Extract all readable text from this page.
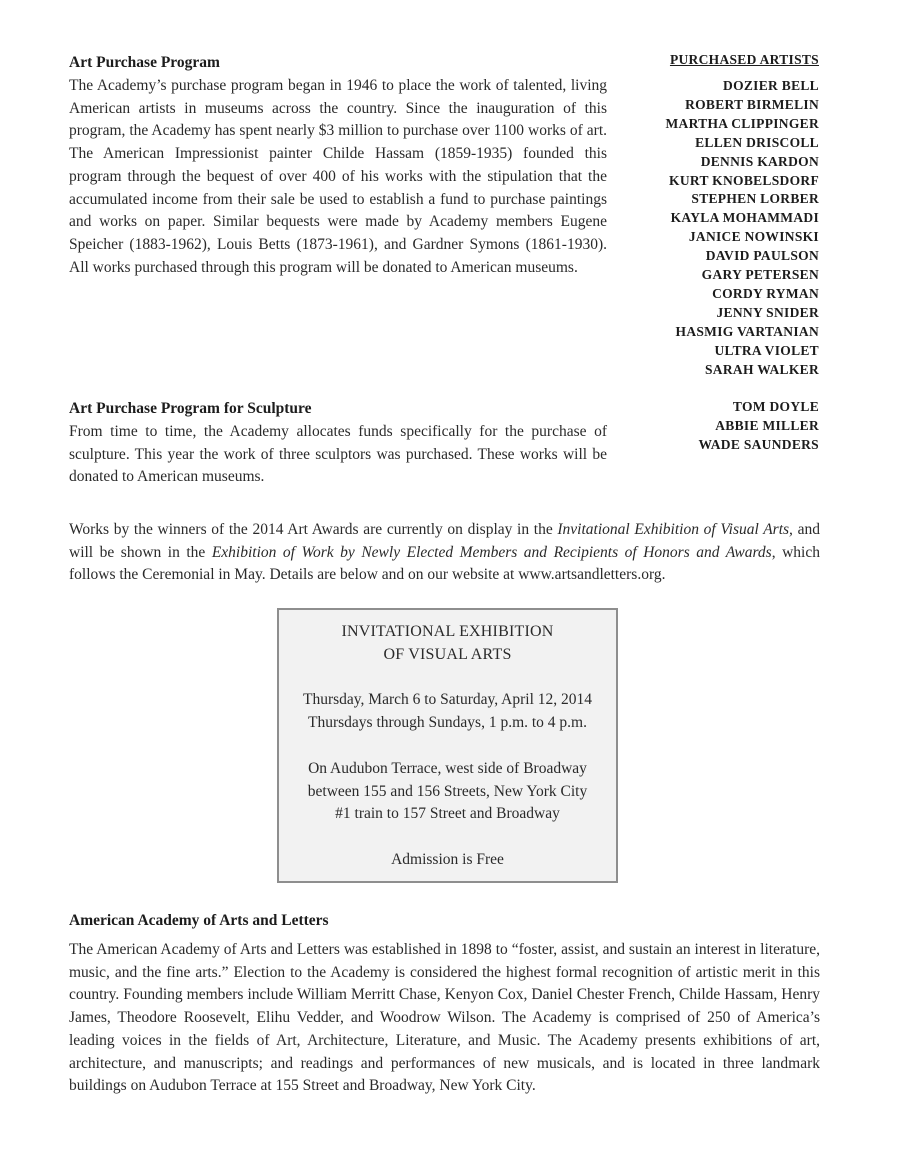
Art Purchase Program
The Academy’s purchase program began in 1946 to place the work of talented, living American artists in museums across the country. Since the inauguration of this program, the Academy has spent nearly $3 million to purchase over 1100 works of art. The American Impressionist painter Childe Hassam (1859-1935) founded this program through the bequest of over 400 of his works with the stipulation that the accumulated income from their sale be used to establish a fund to purchase paintings and works on paper. Similar bequests were made by Academy members Eugene Speicher (1883-1962), Louis Betts (1873-1961), and Gardner Symons (1861-1930). All works purchased through this program will be donated to American museums.
PURCHASED ARTISTS
DOZIER BELL
ROBERT BIRMELIN
MARTHA CLIPPINGER
ELLEN DRISCOLL
DENNIS KARDON
KURT KNOBELSDORF
STEPHEN LORBER
KAYLA MOHAMMADI
JANICE NOWINSKI
DAVID PAULSON
GARY PETERSEN
CORDY RYMAN
JENNY SNIDER
HASMIG VARTANIAN
ULTRA VIOLET
SARAH WALKER
Art Purchase Program for Sculpture
From time to time, the Academy allocates funds specifically for the purchase of sculpture. This year the work of three sculptors was purchased. These works will be donated to American museums.
TOM DOYLE
ABBIE MILLER
WADE SAUNDERS
Works by the winners of the 2014 Art Awards are currently on display in the Invitational Exhibition of Visual Arts, and will be shown in the Exhibition of Work by Newly Elected Members and Recipients of Honors and Awards, which follows the Ceremonial in May. Details are below and on our website at www.artsandletters.org.
INVITATIONAL EXHIBITION
OF VISUAL ARTS
Thursday, March 6 to Saturday, April 12, 2014
Thursdays through Sundays, 1 p.m. to 4 p.m.
On Audubon Terrace, west side of Broadway
between 155 and 156 Streets, New York City
#1 train to 157 Street and Broadway
Admission is Free
American Academy of Arts and Letters
The American Academy of Arts and Letters was established in 1898 to “foster, assist, and sustain an interest in literature, music, and the fine arts.” Election to the Academy is considered the highest formal recognition of artistic merit in this country. Founding members include William Merritt Chase, Kenyon Cox, Daniel Chester French, Childe Hassam, Henry James, Theodore Roosevelt, Elihu Vedder, and Woodrow Wilson. The Academy is comprised of 250 of America’s leading voices in the fields of Art, Architecture, Literature, and Music. The Academy presents exhibitions of art, architecture, and manuscripts; and readings and performances of new musicals, and is located in three landmark buildings on Audubon Terrace at 155 Street and Broadway, New York City.
